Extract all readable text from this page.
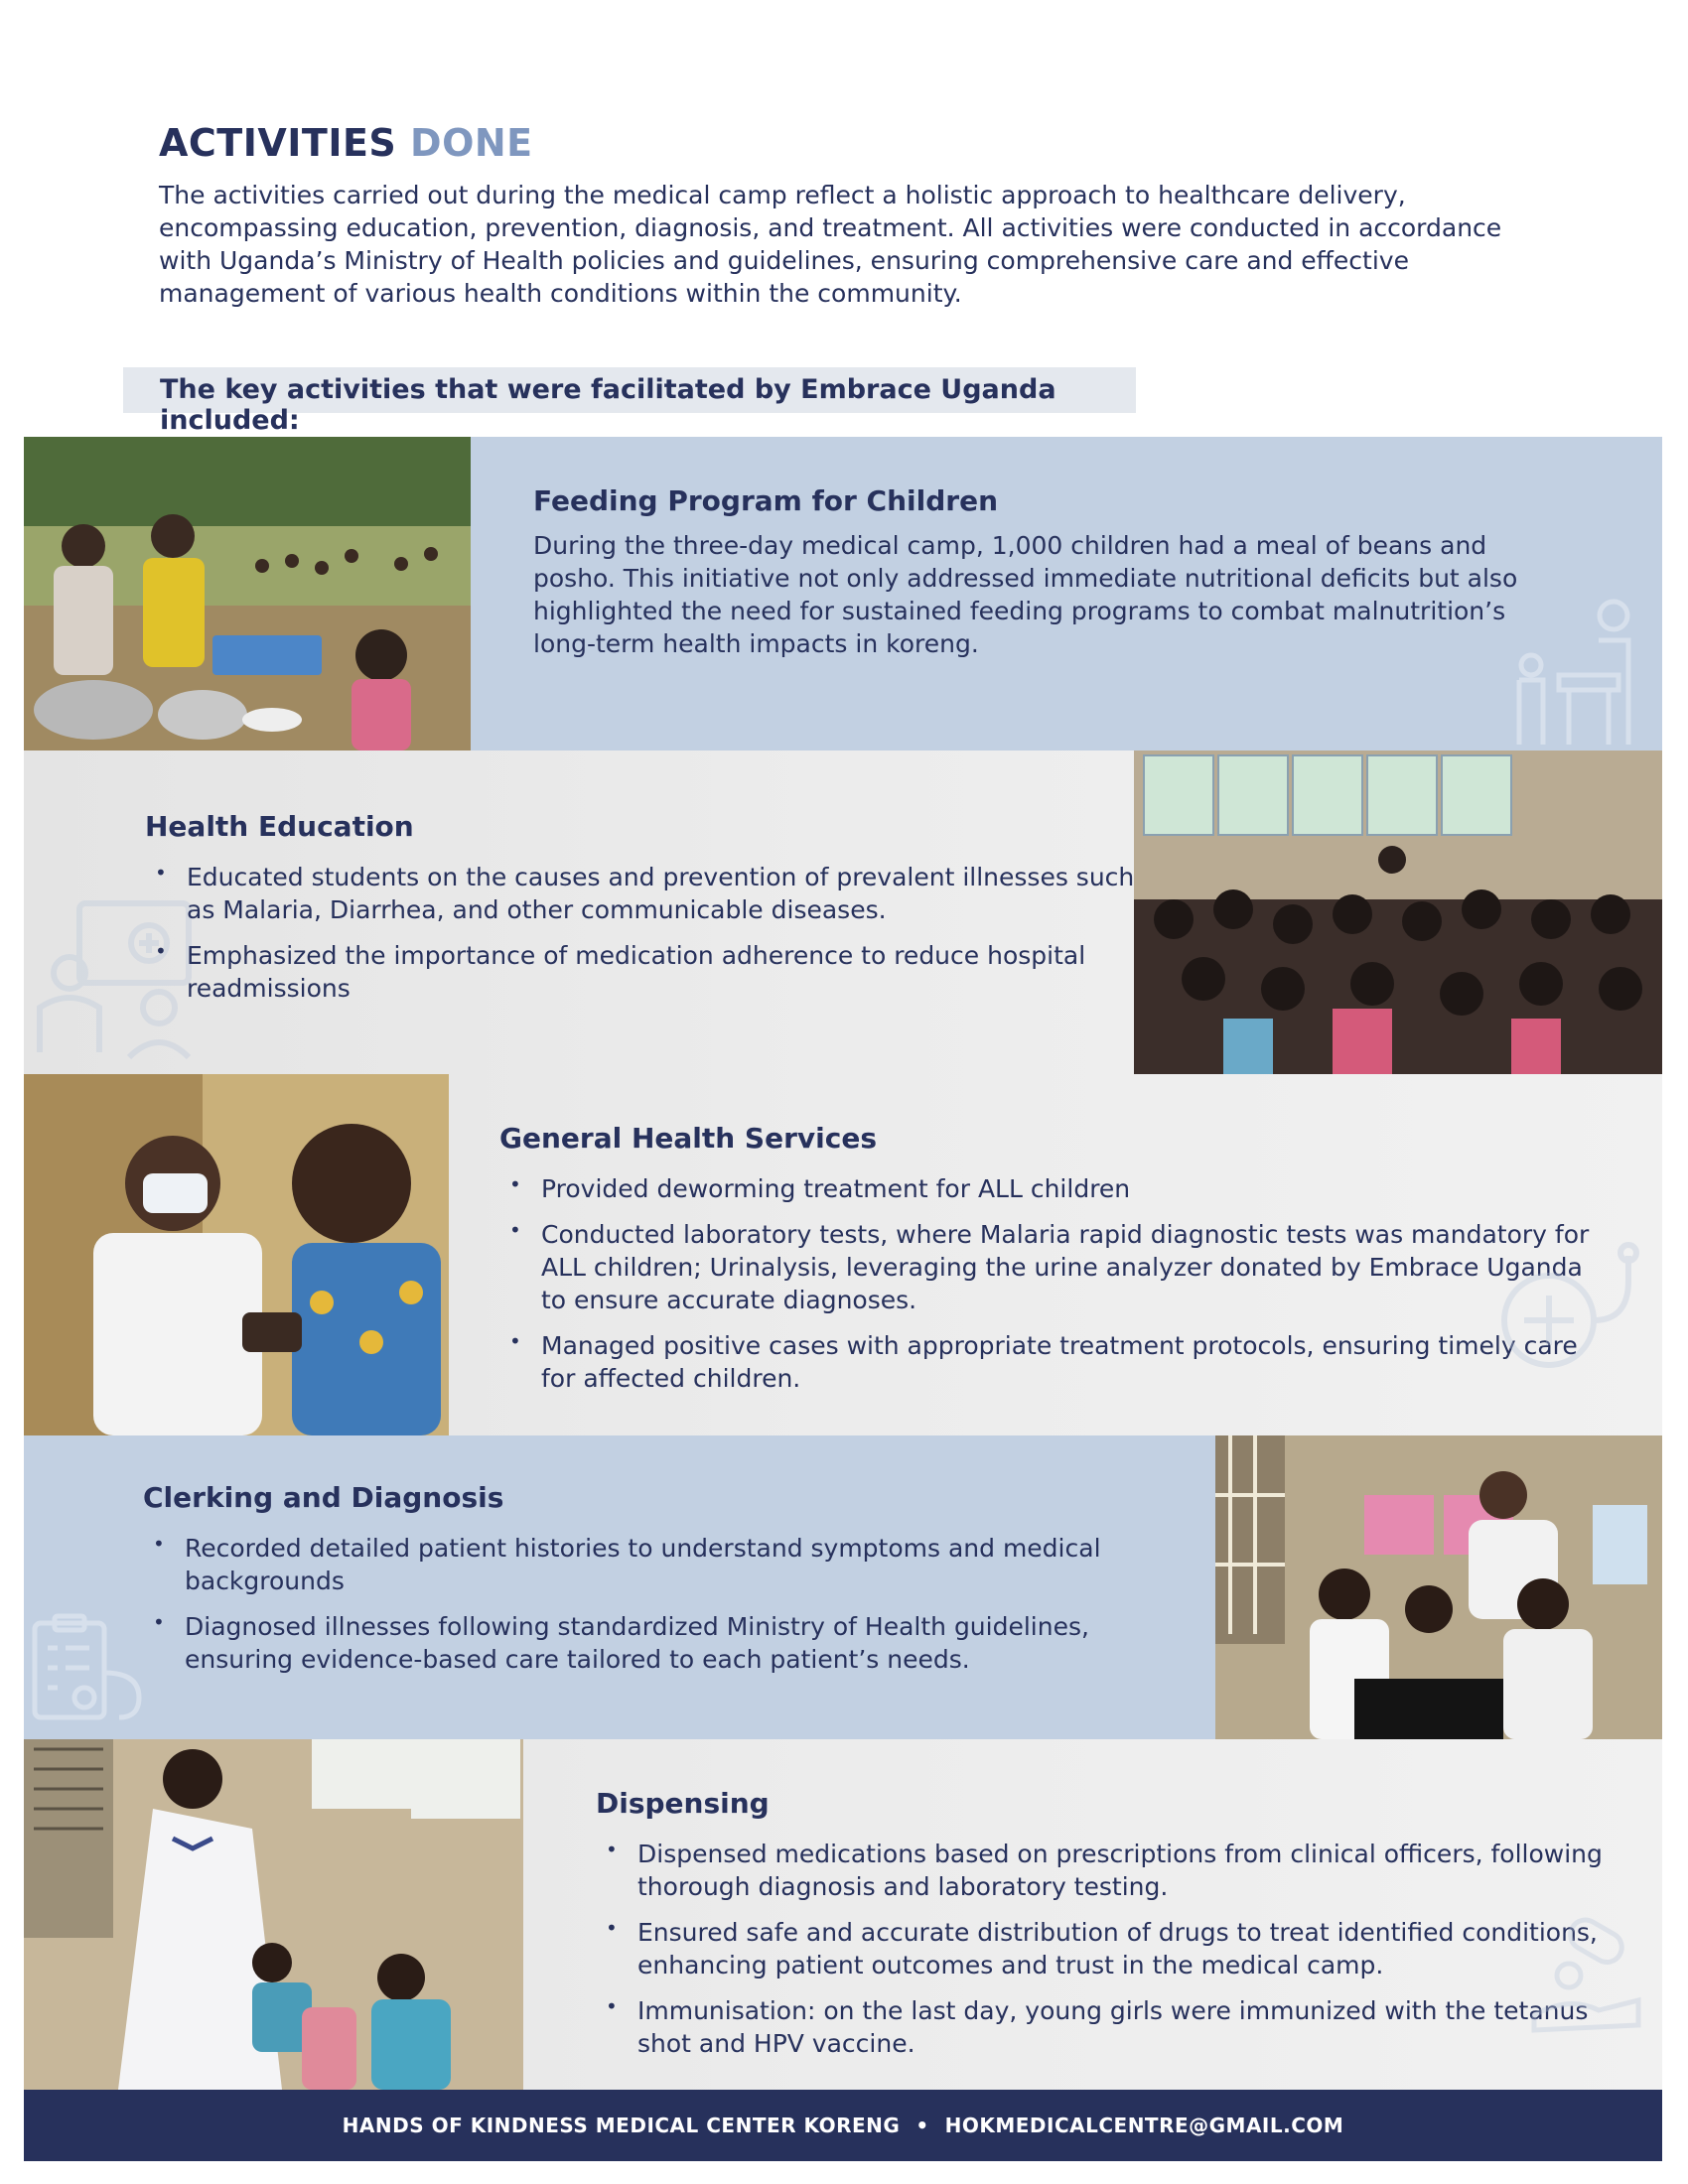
ACTIVITIES DONE

The activities carried out during the medical camp reflect a holistic approach to healthcare delivery, encompassing education, prevention, diagnosis, and treatment. All activities were conducted in accordance with Uganda’s Ministry of Health policies and guidelines, ensuring comprehensive care and effective management of various health conditions within the community.

The key activities that were facilitated by Embrace Uganda included:
Feeding Program for Children

During the three-day medical camp, 1,000 children had a meal of beans and posho. This initiative not only addressed immediate nutritional deficits but also highlighted the need for sustained feeding programs to combat malnutrition’s long-term health impacts in koreng.

Health Education
• Educated students on the causes and prevention of prevalent illnesses such as Malaria, Diarrhea, and other communicable diseases.
• Emphasized the importance of medication adherence to reduce hospital readmissions
General Health Services
• Provided deworming treatment for ALL children
• Conducted laboratory tests, where Malaria rapid diagnostic tests was mandatory for ALL children; Urinalysis, leveraging the urine analyzer donated by Embrace Uganda to ensure accurate diagnoses.
• Managed positive cases with appropriate treatment protocols, ensuring timely care for affected children.
Clerking and Diagnosis
• Recorded detailed patient histories to understand symptoms and medical backgrounds
• Diagnosed illnesses following standardized Ministry of Health guidelines, ensuring evidence-based care tailored to each patient’s needs.
Dispensing
• Dispensed medications based on prescriptions from clinical officers, following thorough diagnosis and laboratory testing.
• Ensured safe and accurate distribution of drugs to treat identified conditions, enhancing patient outcomes and trust in the medical camp.
• Immunisation: on the last day, young girls were immunized with the tetanus shot and HPV vaccine.
HANDS OF KINDNESS MEDICAL CENTER KORENG • HOKMEDICALCENTRE@GMAIL.COM
